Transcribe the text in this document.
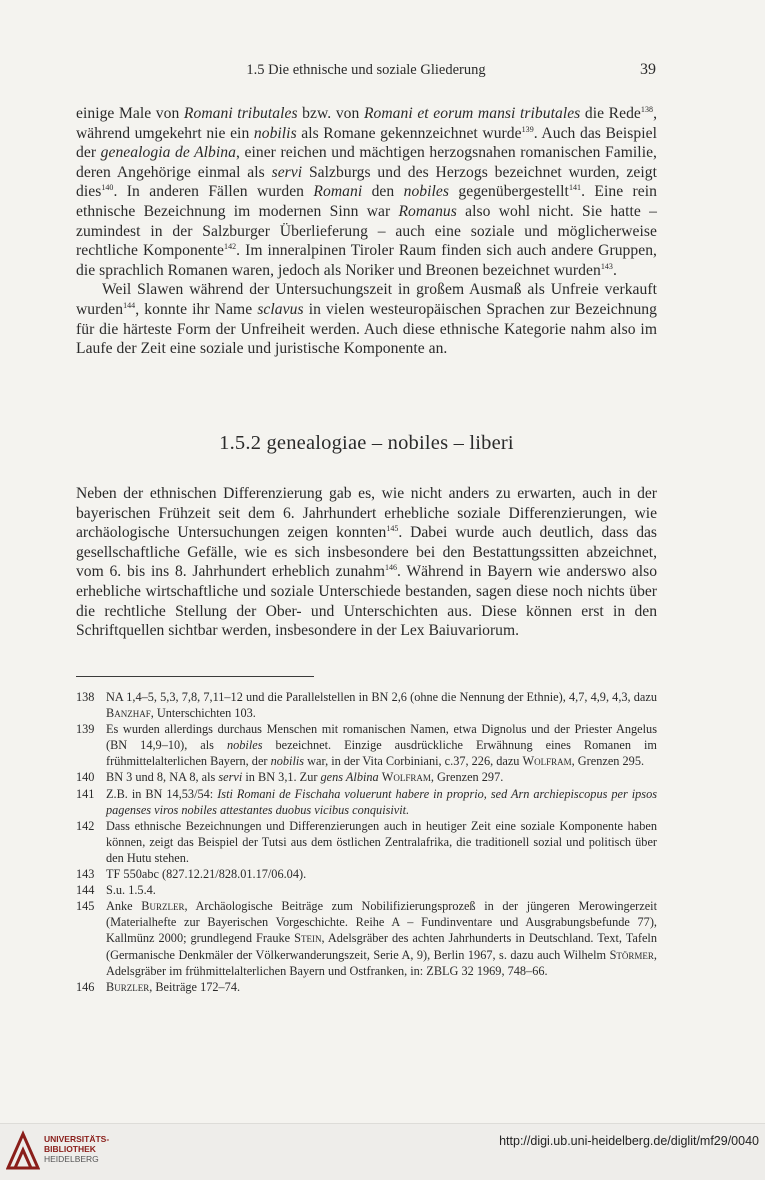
1.5 Die ethnische und soziale Gliederung	39

einige Male von Romani tributales bzw. von Romani et eorum mansi tributales die Rede$^{138}$, während umgekehrt nie ein nobilis als Romane gekennzeichnet wurde$^{139}$. Auch das Beispiel der genealogia de Albina, einer reichen und mächtigen herzogsnahen romanischen Familie, deren Angehörige einmal als servi Salzburgs und des Herzogs bezeichnet wurden, zeigt dies$^{140}$. In anderen Fällen wurden Romani den nobiles gegenübergestellt$^{141}$. Eine rein ethnische Bezeichnung im modernen Sinn war Romanus also wohl nicht. Sie hatte – zumindest in der Salzburger Überlieferung – auch eine soziale und möglicherweise rechtliche Komponente$^{142}$. Im inneralpinen Tiroler Raum finden sich auch andere Gruppen, die sprachlich Romanen waren, jedoch als Noriker und Breonen bezeichnet wurden$^{143}$.

Weil Slawen während der Untersuchungszeit in großem Ausmaß als Unfreie verkauft wurden$^{144}$, konnte ihr Name sclavus in vielen westeuropäischen Sprachen zur Bezeichnung für die härteste Form der Unfreiheit werden. Auch diese ethnische Kategorie nahm also im Laufe der Zeit eine soziale und juristische Komponente an.

1.5.2 genealogiae – nobiles – liberi

Neben der ethnischen Differenzierung gab es, wie nicht anders zu erwarten, auch in der bayerischen Frühzeit seit dem 6. Jahrhundert erhebliche soziale Differenzierungen, wie archäologische Untersuchungen zeigen konnten$^{145}$. Dabei wurde auch deutlich, dass das gesellschaftliche Gefälle, wie es sich insbesondere bei den Bestattungssitten abzeichnet, vom 6. bis ins 8. Jahrhundert erheblich zunahm$^{146}$. Während in Bayern wie anderswo also erhebliche wirtschaftliche und soziale Unterschiede bestanden, sagen diese noch nichts über die rechtliche Stellung der Ober- und Unterschichten aus. Diese können erst in den Schriftquellen sichtbar werden, insbesondere in der Lex Baiuvariorum.

138 NA 1,4–5, 5,3, 7,8, 7,11–12 und die Parallelstellen in BN 2,6 (ohne die Nennung der Ethnie), 4,7, 4,9, 4,3, dazu Banzhaf, Unterschichten 103.
139 Es wurden allerdings durchaus Menschen mit romanischen Namen, etwa Dignolus und der Priester Angelus (BN 14,9–10), als nobiles bezeichnet. Einzige ausdrückliche Erwähnung eines Romanen im frühmittelalterlichen Bayern, der nobilis war, in der Vita Corbiniani, c.37, 226, dazu Wolfram, Grenzen 295.
140 BN 3 und 8, NA 8, als servi in BN 3,1. Zur gens Albina Wolfram, Grenzen 297.
141 Z.B. in BN 14,53/54: Isti Romani de Fischaha voluerunt habere in proprio, sed Arn archiepiscopus per ipsos pagenses viros nobiles attestantes duobus vicibus conquisivit.
142 Dass ethnische Bezeichnungen und Differenzierungen auch in heutiger Zeit eine soziale Komponente haben können, zeigt das Beispiel der Tutsi aus dem östlichen Zentralafrika, die traditionell sozial und politisch über den Hutu stehen.
143 TF 550abc (827.12.21/828.01.17/06.04).
144 S.u. 1.5.4.
145 Anke Burzler, Archäologische Beiträge zum Nobilifizierungsprozeß in der jüngeren Merowingerzeit (Materialhefte zur Bayerischen Vorgeschichte. Reihe A – Fundinventare und Ausgrabungsbefunde 77), Kallmünz 2000; grundlegend Frauke Stein, Adelsgräber des achten Jahrhunderts in Deutschland. Text, Tafeln (Germanische Denkmäler der Völkerwanderungszeit, Serie A, 9), Berlin 1967, s. dazu auch Wilhelm Störmer, Adelsgräber im frühmittelalterlichen Bayern und Ostfranken, in: ZBLG 32 1969, 748–66.
146 Burzler, Beiträge 172–74.
UNIVERSITÄTS-
BIBLIOTHEK
HEIDELBERG
http://digi.ub.uni-heidelberg.de/diglit/mf29/0040
